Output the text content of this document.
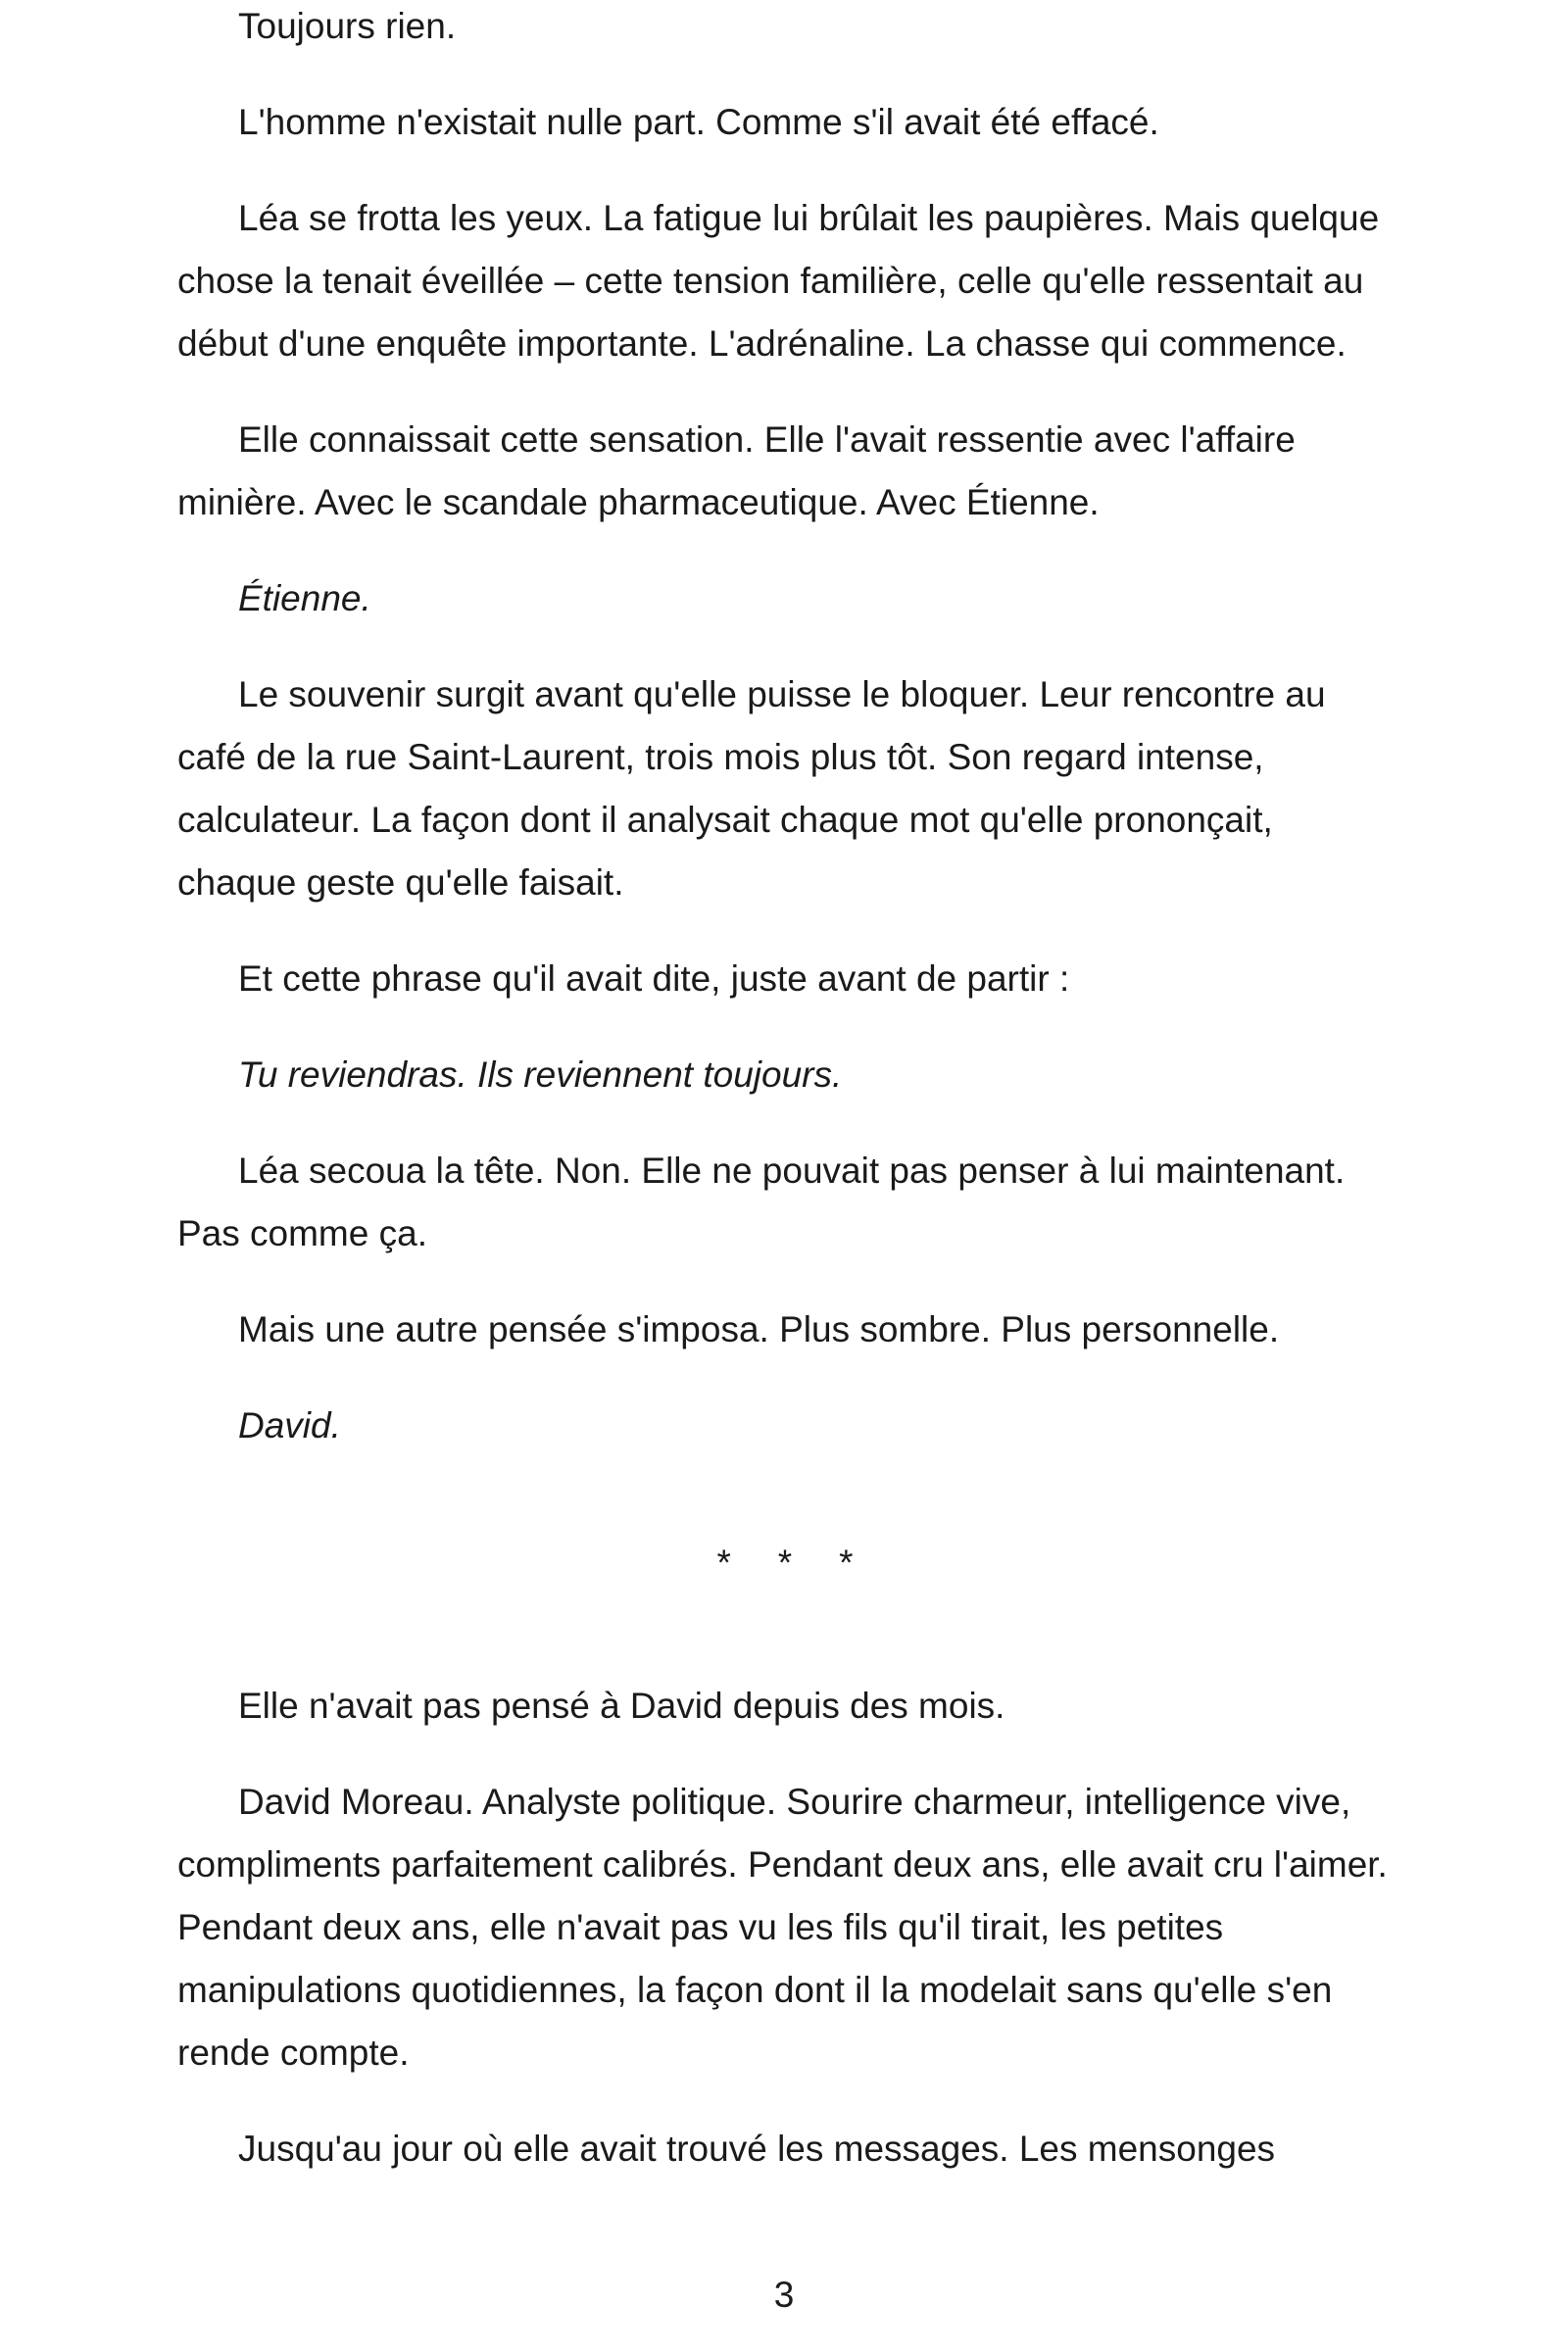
Toujours rien.

L'homme n'existait nulle part. Comme s'il avait été effacé.

Léa se frotta les yeux. La fatigue lui brûlait les paupières. Mais quelque chose la tenait éveillée – cette tension familière, celle qu'elle ressentait au début d'une enquête importante. L'adrénaline. La chasse qui commence.

Elle connaissait cette sensation. Elle l'avait ressentie avec l'affaire minière. Avec le scandale pharmaceutique. Avec Étienne.

Étienne.

Le souvenir surgit avant qu'elle puisse le bloquer. Leur rencontre au café de la rue Saint-Laurent, trois mois plus tôt. Son regard intense, calculateur. La façon dont il analysait chaque mot qu'elle prononçait, chaque geste qu'elle faisait.

Et cette phrase qu'il avait dite, juste avant de partir :

Tu reviendras. Ils reviennent toujours.

Léa secoua la tête. Non. Elle ne pouvait pas penser à lui maintenant. Pas comme ça.

Mais une autre pensée s'imposa. Plus sombre. Plus personnelle.

David.

* * *

Elle n'avait pas pensé à David depuis des mois.

David Moreau. Analyste politique. Sourire charmeur, intelligence vive, compliments parfaitement calibrés. Pendant deux ans, elle avait cru l'aimer. Pendant deux ans, elle n'avait pas vu les fils qu'il tirait, les petites manipulations quotidiennes, la façon dont il la modelait sans qu'elle s'en rende compte.

Jusqu'au jour où elle avait trouvé les messages. Les mensonges

3
